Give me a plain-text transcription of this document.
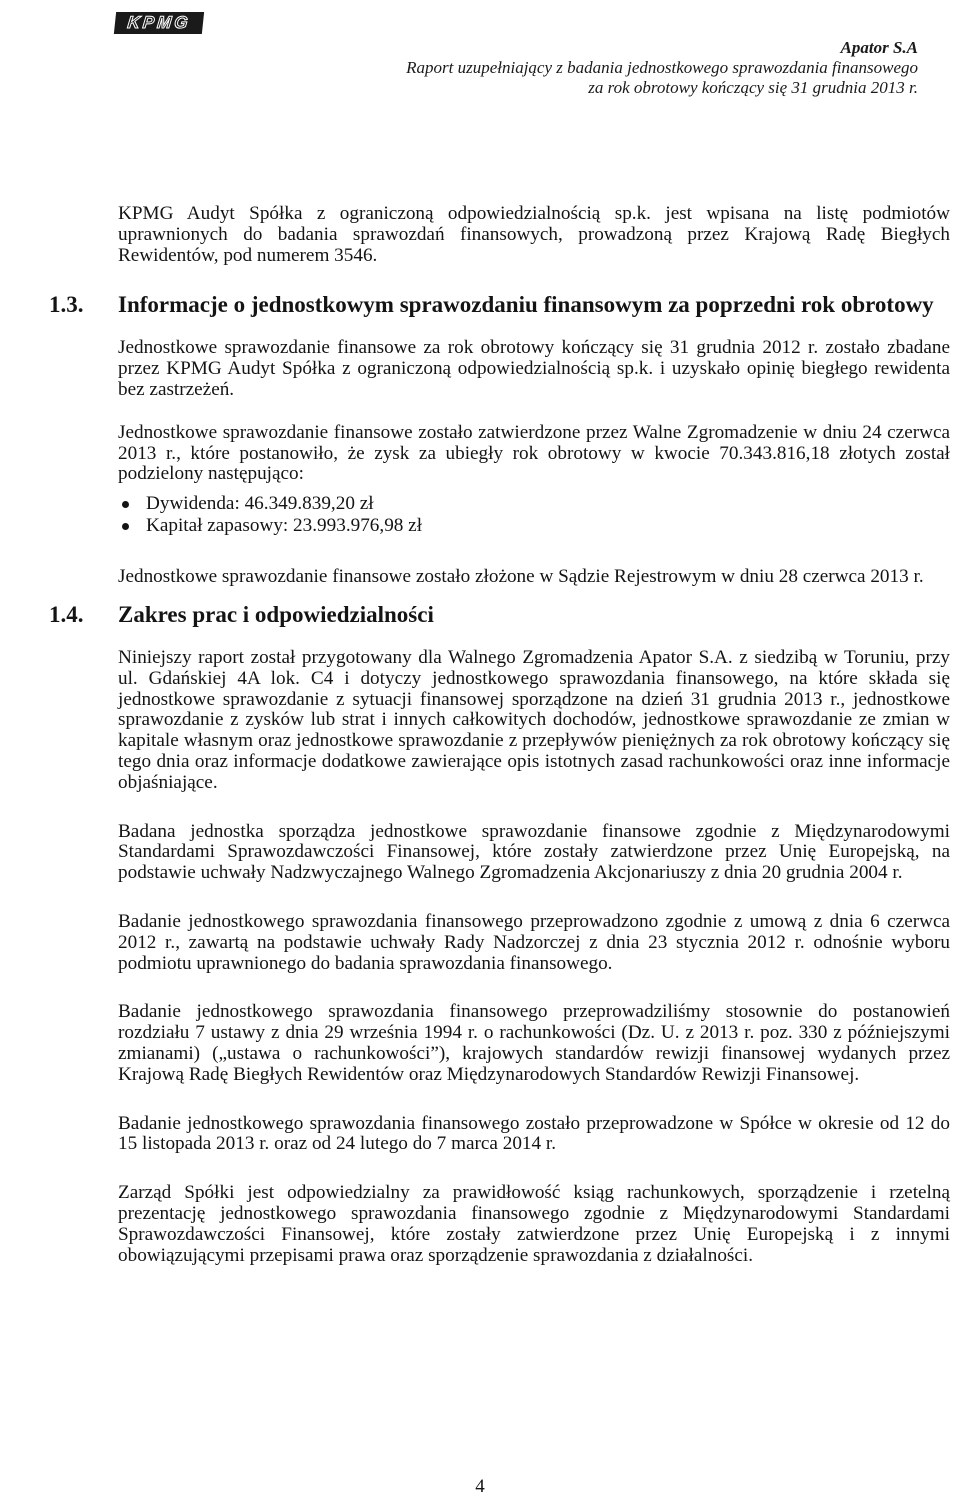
KPMG
Apator S.A
Raport uzupełniający z badania jednostkowego sprawozdania finansowego
za rok obrotowy kończący się 31 grudnia 2013 r.

KPMG Audyt Spółka z ograniczoną odpowiedzialnością sp.k. jest wpisana na listę podmiotów uprawnionych do badania sprawozdań finansowych, prowadzoną przez Krajową Radę Biegłych Rewidentów, pod numerem 3546.

1.3. Informacje o jednostkowym sprawozdaniu finansowym za poprzedni rok obrotowy

Jednostkowe sprawozdanie finansowe za rok obrotowy kończący się 31 grudnia 2012 r. zostało zbadane przez KPMG Audyt Spółka z ograniczoną odpowiedzialnością sp.k. i uzyskało opinię biegłego rewidenta bez zastrzeżeń.

Jednostkowe sprawozdanie finansowe zostało zatwierdzone przez Walne Zgromadzenie w dniu 24 czerwca 2013 r., które postanowiło, że zysk za ubiegły rok obrotowy w kwocie 70.343.816,18 złotych został podzielony następująco:

Dywidenda: 46.349.839,20 zł
Kapitał zapasowy: 23.993.976,98 zł

Jednostkowe sprawozdanie finansowe zostało złożone w Sądzie Rejestrowym w dniu 28 czerwca 2013 r.

1.4. Zakres prac i odpowiedzialności

Niniejszy raport został przygotowany dla Walnego Zgromadzenia Apator S.A. z siedzibą w Toruniu, przy ul. Gdańskiej 4A lok. C4 i dotyczy jednostkowego sprawozdania finansowego, na które składa się jednostkowe sprawozdanie z sytuacji finansowej sporządzone na dzień 31 grudnia 2013 r., jednostkowe sprawozdanie z zysków lub strat i innych całkowitych dochodów, jednostkowe sprawozdanie ze zmian w kapitale własnym oraz jednostkowe sprawozdanie z przepływów pieniężnych za rok obrotowy kończący się tego dnia oraz informacje dodatkowe zawierające opis istotnych zasad rachunkowości oraz inne informacje objaśniające.

Badana jednostka sporządza jednostkowe sprawozdanie finansowe zgodnie z Międzynarodowymi Standardami Sprawozdawczości Finansowej, które zostały zatwierdzone przez Unię Europejską, na podstawie uchwały Nadzwyczajnego Walnego Zgromadzenia Akcjonariuszy z dnia 20 grudnia 2004 r.

Badanie jednostkowego sprawozdania finansowego przeprowadzono zgodnie z umową z dnia 6 czerwca 2012 r., zawartą na podstawie uchwały Rady Nadzorczej z dnia 23 stycznia 2012 r. odnośnie wyboru podmiotu uprawnionego do badania sprawozdania finansowego.

Badanie jednostkowego sprawozdania finansowego przeprowadziliśmy stosownie do postanowień rozdziału 7 ustawy z dnia 29 września 1994 r. o rachunkowości (Dz. U. z 2013 r. poz. 330 z późniejszymi zmianami) („ustawa o rachunkowości”), krajowych standardów rewizji finansowej wydanych przez Krajową Radę Biegłych Rewidentów oraz Międzynarodowych Standardów Rewizji Finansowej.

Badanie jednostkowego sprawozdania finansowego zostało przeprowadzone w Spółce w okresie od 12 do 15 listopada 2013 r. oraz od 24 lutego do 7 marca 2014 r.

Zarząd Spółki jest odpowiedzialny za prawidłowość ksiąg rachunkowych, sporządzenie i rzetelną prezentację jednostkowego sprawozdania finansowego zgodnie z Międzynarodowymi Standardami Sprawozdawczości Finansowej, które zostały zatwierdzone przez Unię Europejską i z innymi obowiązującymi przepisami prawa oraz sporządzenie sprawozdania z działalności.

4
